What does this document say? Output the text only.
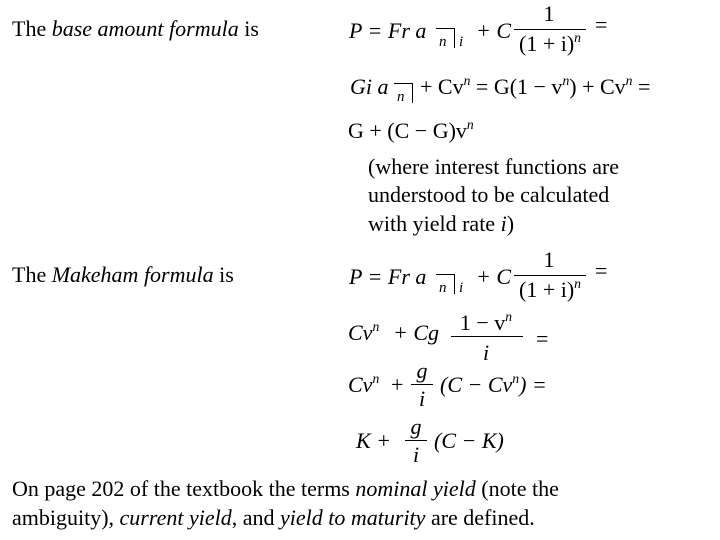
The base amount formula is	P = Fr a n i + C
1
$(1 + i)^n$
=
Gi a $n + Cv^n = G(1 - v^n) + Cv^n$ =
$G + (C - G)v^n$
(where interest functions are
understood to be calculated
with yield rate i)
The Makeham formula is	P = Fr a n i + C
1
$(1 + i)^n$
=
$Cv^n + Cg$ $1 - v^n$
i
=
$Cv^n$ +
g
i
$(C - Cv^n)$ =
K +
g
i
(C − K)
On page 202 of the textbook the terms nominal yield (note the
ambiguity), current yield, and yield to maturity are defined.
